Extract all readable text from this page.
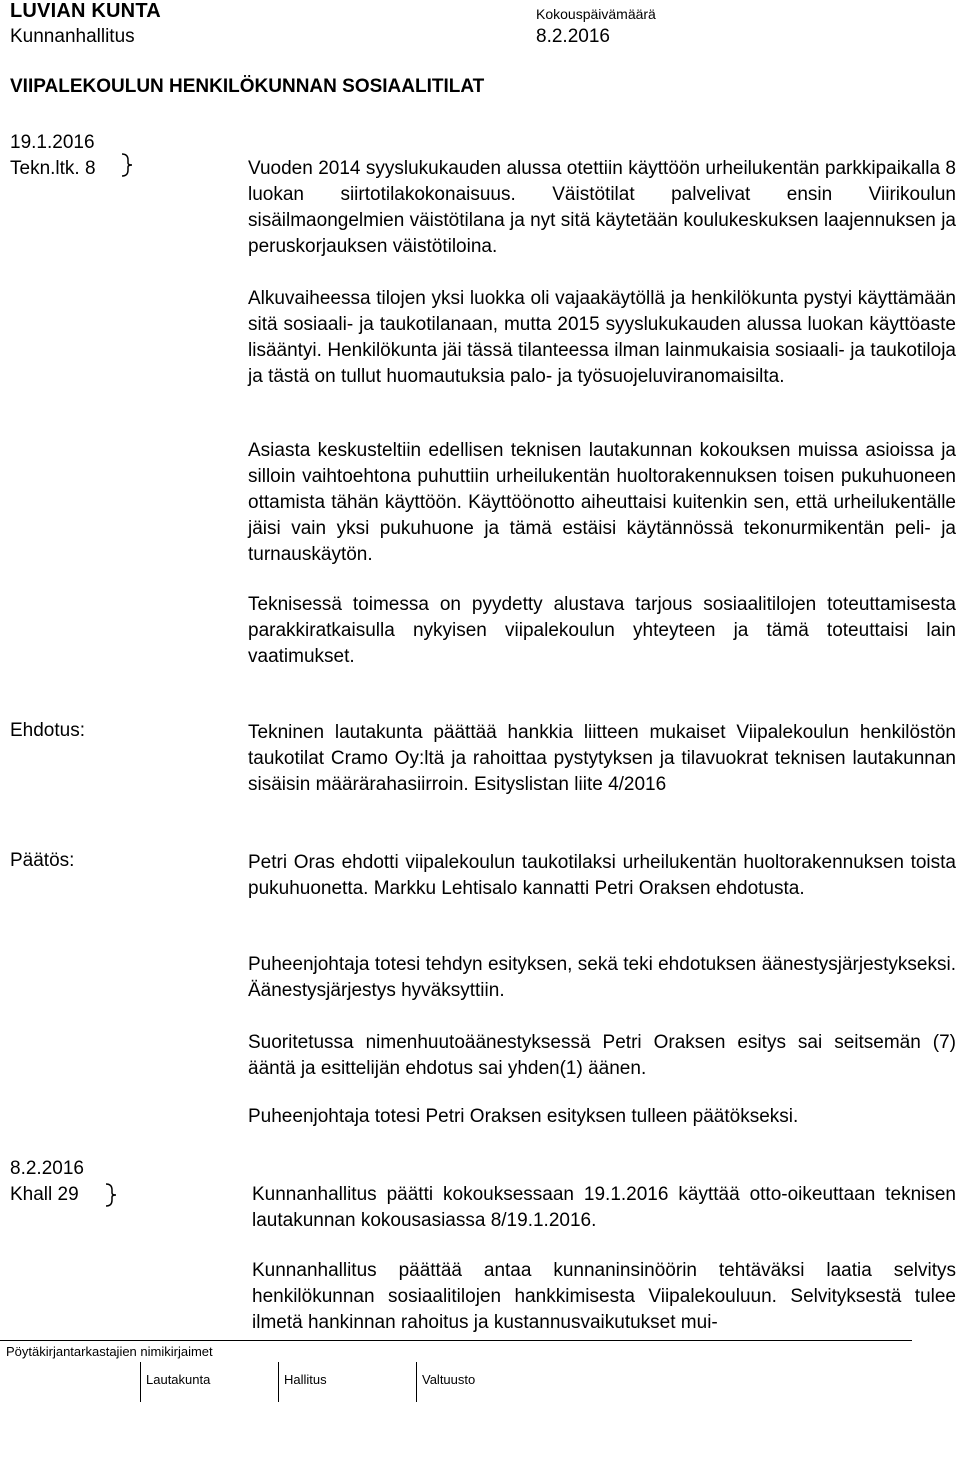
LUVIAN KUNTA
Kunnanhallitus
Kokouspäivämäärä
8.2.2016
VIIPALEKOULUN HENKILÖKUNNAN SOSIAALITILAT
19.1.2016
Tekn.ltk. 8	Vuoden 2014 syyslukukauden alussa otettiin käyttöön urheilukentän parkkipaikalla 8 luokan siirtotilakokonaisuus. Väistötilat palvelivat ensin Viirikoulun sisäilmaongelmien väistötilana ja nyt sitä käytetään koulukeskuksen laajennuksen ja peruskorjauksen väistötiloina.
Alkuvaiheessa tilojen yksi luokka oli vajaakäytöllä ja henkilökunta pystyi käyttämään sitä sosiaali- ja taukotilanaan, mutta 2015 syyslukukauden alussa luokan käyttöaste lisääntyi. Henkilökunta jäi tässä tilanteessa ilman lainmukaisia sosiaali- ja taukotiloja ja tästä on tullut huomautuksia palo- ja työsuojeluviranomaisilta.
Asiasta keskusteltiin edellisen teknisen lautakunnan kokouksen muissa asioissa ja silloin vaihtoehtona puhuttiin urheilukentän huoltorakennuksen toisen pukuhuoneen ottamista tähän käyttöön. Käyttöönotto aiheuttaisi kuitenkin sen, että urheilukentälle jäisi vain yksi pukuhuone ja tämä estäisi käytännössä tekonurmikentän peli- ja turnauskäytön.
Teknisessä toimessa on pyydetty alustava tarjous sosiaalitilojen toteuttamisesta parakkiratkaisulla nykyisen viipalekoulun yhteyteen ja tämä toteuttaisi lain vaatimukset.
Ehdotus:	Tekninen lautakunta päättää hankkia liitteen mukaiset Viipalekoulun henkilöstön taukotilat Cramo Oy:ltä ja rahoittaa pystytyksen ja tilavuokrat teknisen lautakunnan sisäisin määrärahasiirroin. Esityslistan liite 4/2016
Päätös:	Petri Oras ehdotti viipalekoulun taukotilaksi urheilukentän huoltorakennuksen toista pukuhuonetta. Markku Lehtisalo kannatti Petri Oraksen ehdotusta.
Puheenjohtaja totesi tehdyn esityksen, sekä teki ehdotuksen äänestysjärjestykseksi. Äänestysjärjestys hyväksyttiin.
Suoritetussa nimenhuutoäänestyksessä Petri Oraksen esitys sai seitsemän (7) ääntä ja esittelijän ehdotus sai yhden(1) äänen.
Puheenjohtaja totesi Petri Oraksen esityksen tulleen päätökseksi.
8.2.2016
Khall 29	Kunnanhallitus päätti kokouksessaan 19.1.2016 käyttää otto-oikeuttaan teknisen lautakunnan kokousasiassa 8/19.1.2016.
Kunnanhallitus päättää antaa kunnaninsinöörin tehtäväksi laatia selvitys henkilökunnan sosiaalitilojen hankkimisesta Viipalekouluun. Selvityksestä tulee ilmetä hankinnan rahoitus ja kustannusvaikutukset mui-
Pöytäkirjantarkastajien nimikirjaimet
Lautakunta	Hallitus	Valtuusto
